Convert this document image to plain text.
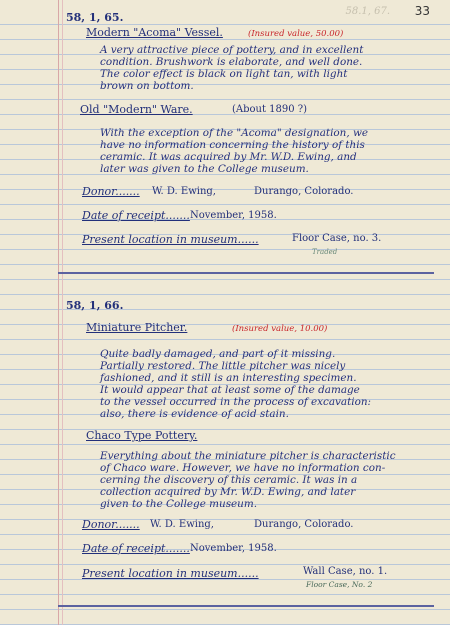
58.1, 67. 33
58, 1, 65.
Modern "Acoma" Vessel.	(Insured value, 50.00)
A very attractive piece of pottery, and in excellent
condition. Brushwork is elaborate, and well done.
The color effect is black on light tan, with light
brown on bottom.
Old "Modern" Ware.	(About 1890 ?)
With the exception of the "Acoma" designation, we
have no information concerning the history of this
ceramic. It was acquired by Mr. W.D. Ewing, and
later was given to the College museum.
Donor....... W. D. Ewing,	Durango, Colorado.
Date of receipt....... November, 1958.
Present location in museum......	Floor Case, no. 3.
Traded
58, 1, 66.
Miniature Pitcher.	(Insured value, 10.00)
Quite badly damaged, and part of it missing.
Partially restored. The little pitcher was nicely
fashioned, and it still is an interesting specimen.
It would appear that at least some of the damage
to the vessel occurred in the process of excavation:
also, there is evidence of acid stain.
Chaco Type Pottery.
Everything about the miniature pitcher is characteristic
of Chaco ware. However, we have no information con-
cerning the discovery of this ceramic. It was in a
collection acquired by Mr. W.D. Ewing, and later
given to the College museum.
Donor....... W. D. Ewing,	Durango, Colorado.
Date of receipt....... November, 1958.
Present location in museum......	Wall Case, no. 1.
Floor Case, No. 2
